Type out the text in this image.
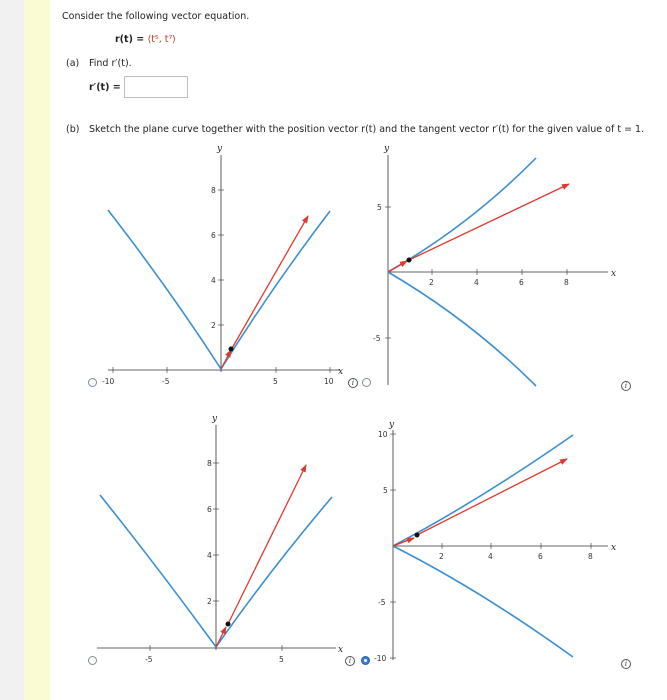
Consider the following vector equation.
r(t) = ⟨t⁵, t⁷⟩
(a) Find r′(t).
r′(t) =
(b) Sketch the plane curve together with the position vector r(t) and the tangent vector r′(t) for the given value of t = 1.
y
x
-10	-5	5	10
2
4
6
8
y
x
2	4	6	8
5
-5
y
x
-5	5
2
4
6
8
y
x
2	4	6	8
10
5
-5
-10
i	i
i	i
